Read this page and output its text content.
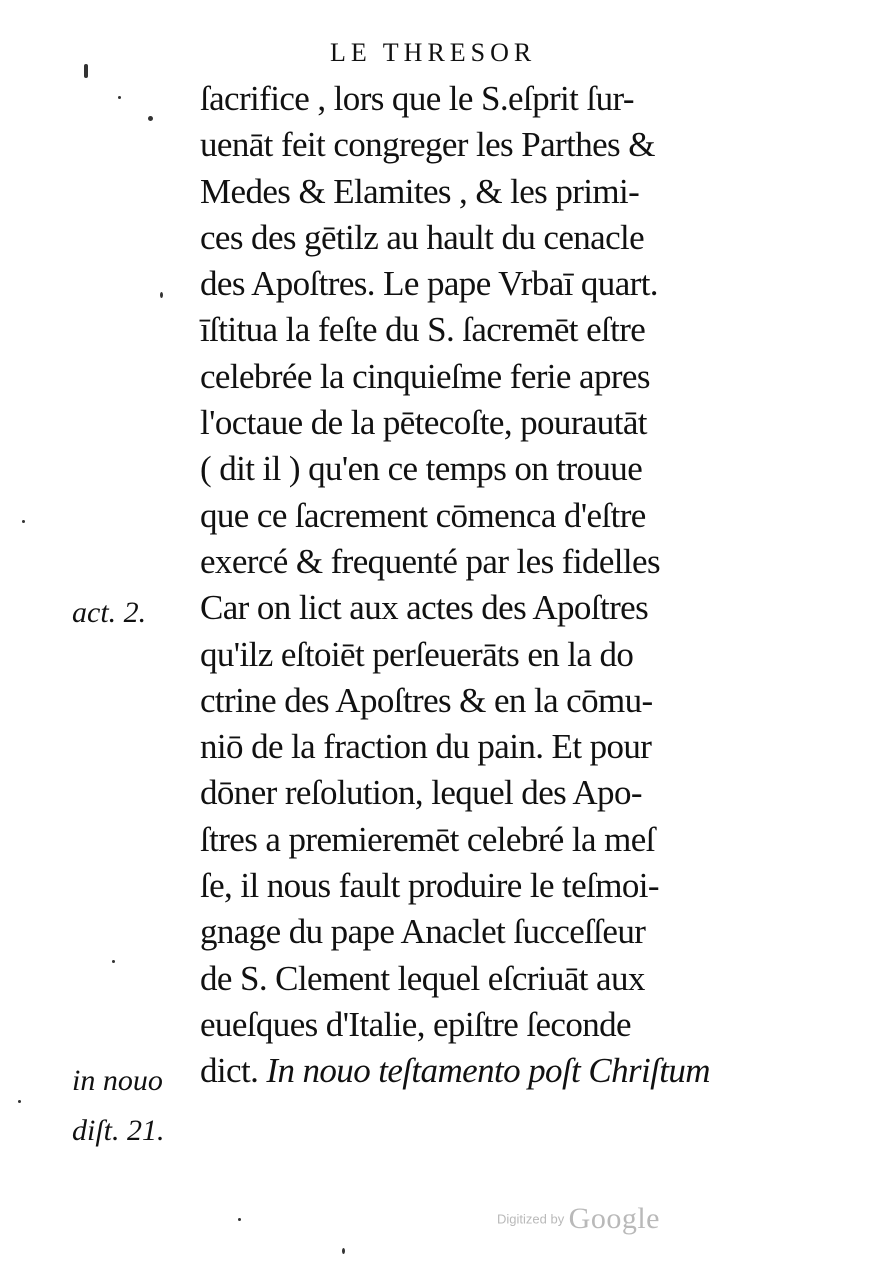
LE THRESOR
ſacrifice , lors que le S.eſprit ſur-
uenāt feit congreger les Parthes &
Medes & Elamites , & les primi-
ces des gētilz au hault du cenacle
des Apoſtres. Le pape Vrbaī quart.
īſtitua la feſte du S. ſacremēt eſtre
celebrée la cinquieſme ferie apres
l'octaue de la pētecoſte, pourautāt
( dit il ) qu'en ce temps on trouue
que ce ſacrement cōmenca d'eſtre
exercé & frequenté par les fidelles
Car on lict aux actes des Apoſtres
qu'ilz eſtoiēt perſeuerāts en la do
ctrine des Apoſtres & en la cōmu-
niō de la fraction du pain. Et pour
dōner reſolution, lequel des Apo-
ſtres a premieremēt celebré la meſ
ſe, il nous fault produire le teſmoi-
gnage du pape Anaclet ſucceſſeur
de S. Clement lequel eſcriuāt aux
eueſques d'Italie, epiſtre ſeconde
dict. In nouo teſtamento poſt Chriſtum
act. 2.
in nouo
diſt. 21.
Digitized by Google
